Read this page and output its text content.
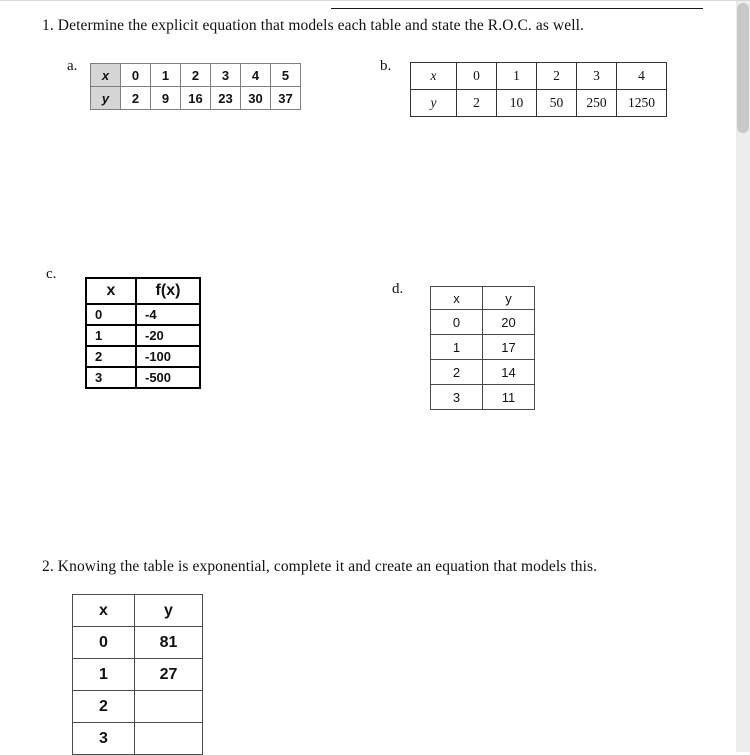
1. Determine the explicit equation that models each table and state the R.O.C. as well.
a.
x	0	1	2	3	4	5
y	2	9	16	23	30	37
b.
x	0	1	2	3	4
y	2	10	50	250	1250
c.
x	f(x)
0	-4
1	-20
2	-100
3	-500
d.
x	y
0	20
1	17
2	14
3	11
2. Knowing the table is exponential, complete it and create an equation that models this.
x	y
0	81
1	27
2	
3	
